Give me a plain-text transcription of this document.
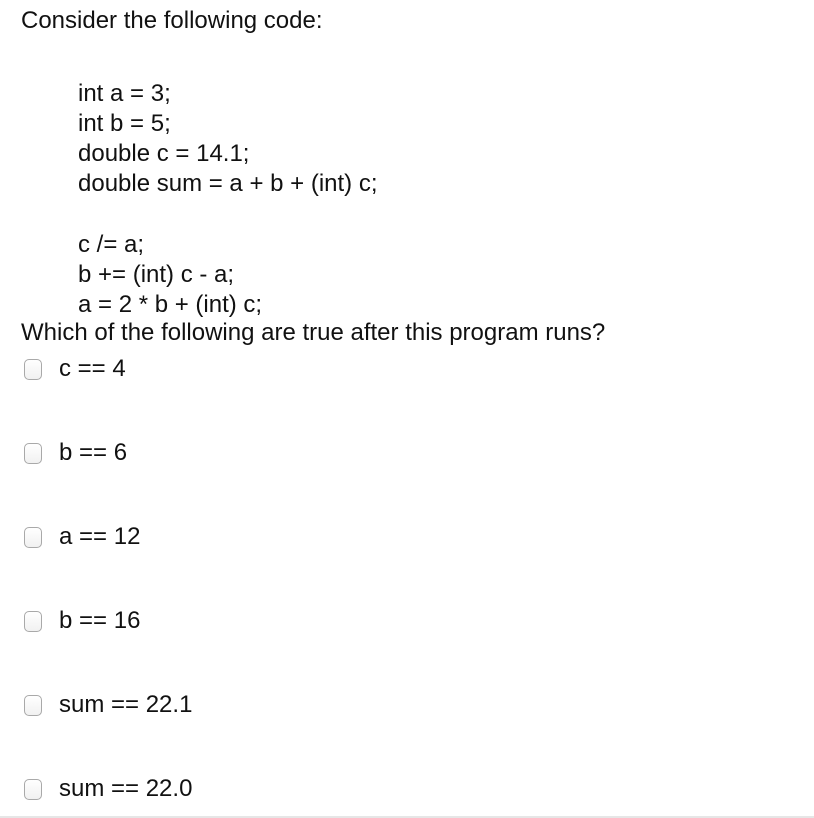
Consider the following code:
int a = 3;
int b = 5;
double c = 14.1;
double sum = a + b + (int) c;
c /= a;
b += (int) c - a;
a = 2 * b + (int) c;
Which of the following are true after this program runs?
c == 4
b == 6
a == 12
b == 16
sum == 22.1
sum == 22.0
